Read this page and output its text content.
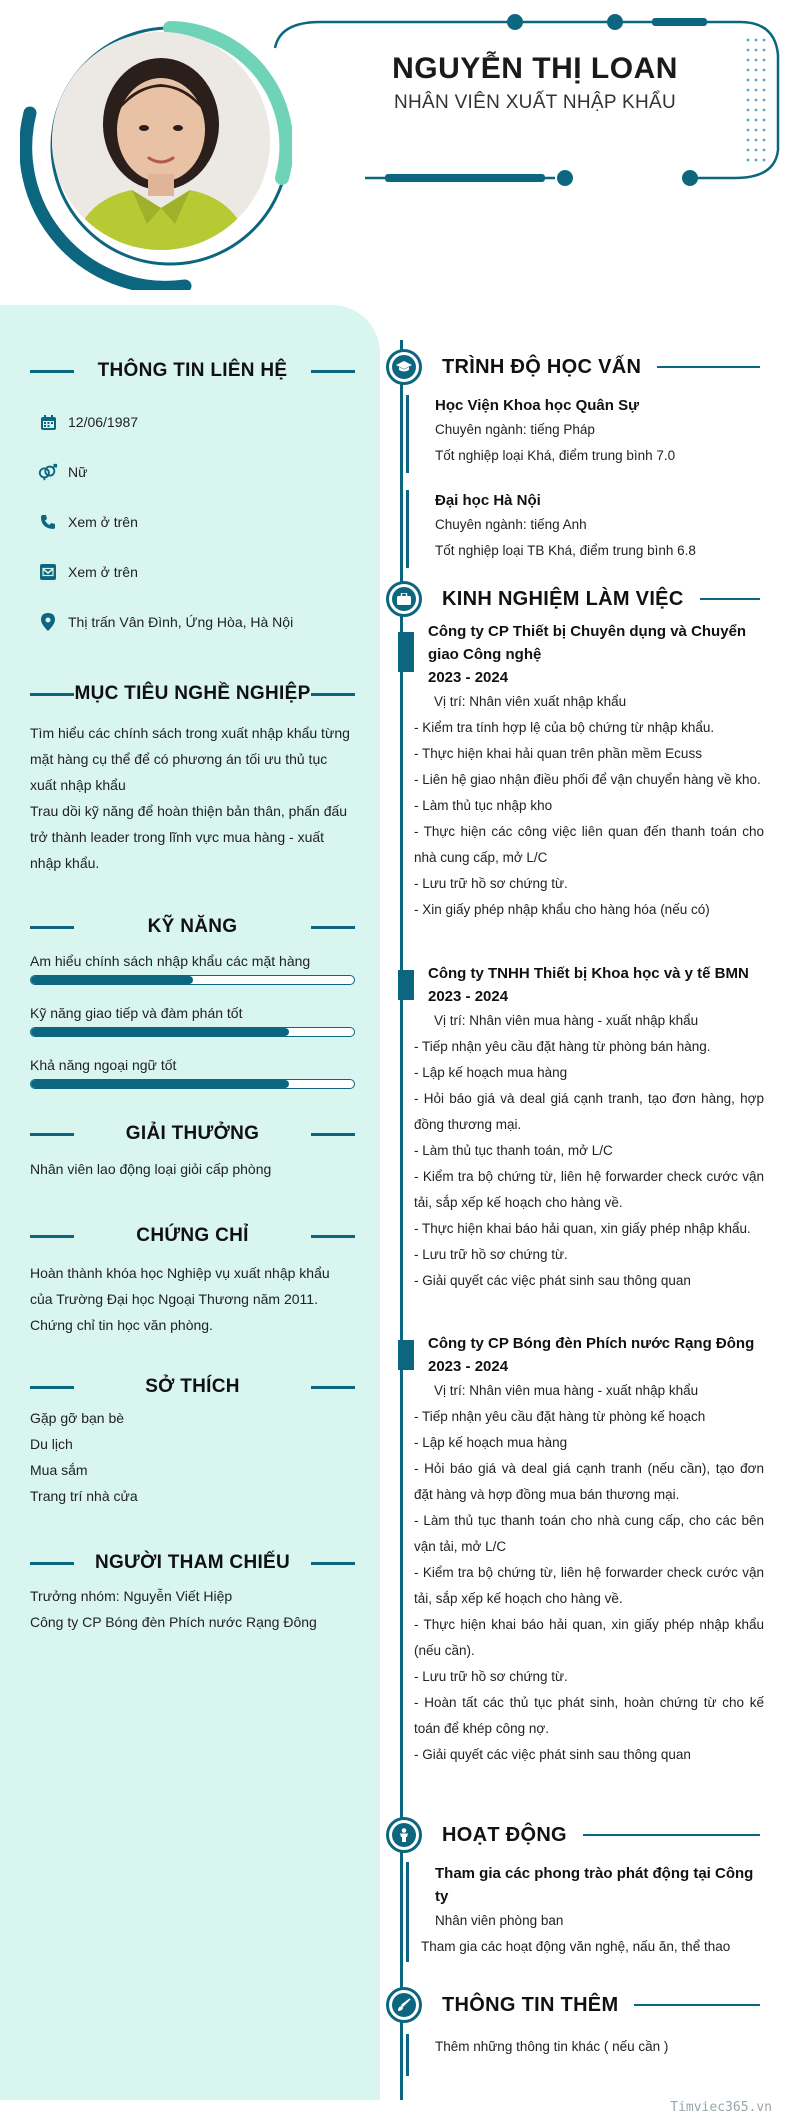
NGUYỄN THỊ LOAN
NHÂN VIÊN XUẤT NHẬP KHẨU
THÔNG TIN LIÊN HỆ
12/06/1987
Nữ
Xem ở trên
Xem ở trên
Thị trấn Vân Đình, Ứng Hòa, Hà Nội
MỤC TIÊU NGHỀ NGHIỆP
Tìm hiểu các chính sách trong xuất nhập khẩu từng mặt hàng cụ thể để có phương án tối ưu thủ tục xuất nhập khẩu
Trau dồi kỹ năng để hoàn thiện bản thân, phấn đấu trở thành leader trong lĩnh vực mua hàng - xuất nhập khẩu.
KỸ NĂNG
Am hiểu chính sách nhập khẩu các mặt hàng
Kỹ năng giao tiếp và đàm phán tốt
Khả năng ngoại ngữ tốt
GIẢI THƯỞNG
Nhân viên lao động loại giỏi cấp phòng
CHỨNG CHỈ
Hoàn thành khóa học Nghiệp vụ xuất nhập khẩu của Trường Đại học Ngoại Thương năm 2011.
Chứng chỉ tin học văn phòng.
SỞ THÍCH
Gặp gỡ bạn bè
Du lịch
Mua sắm
Trang trí nhà cửa
NGƯỜI THAM CHIẾU
Trưởng nhóm: Nguyễn Viết Hiệp
Công ty CP Bóng đèn Phích nước Rạng Đông
TRÌNH ĐỘ HỌC VẤN
Học Viện Khoa học Quân Sự
Chuyên ngành: tiếng Pháp
Tốt nghiệp loại Khá, điểm trung bình 7.0
Đại học Hà Nội
Chuyên ngành: tiếng Anh
Tốt nghiệp loại TB Khá, điểm trung bình 6.8
KINH NGHIỆM LÀM VIỆC
Công ty CP Thiết bị Chuyên dụng và Chuyển giao Công nghệ
2023 - 2024
Vị trí: Nhân viên xuất nhập khẩu
- Kiểm tra tính hợp lệ của bộ chứng từ nhập khẩu.
- Thực hiện khai hải quan trên phần mềm Ecuss
- Liên hệ giao nhận điều phối để vận chuyển hàng về kho.
- Làm thủ tục nhập kho
- Thực hiện các công việc liên quan đến thanh toán cho nhà cung cấp, mở L/C
- Lưu trữ hồ sơ chứng từ.
- Xin giấy phép nhập khẩu cho hàng hóa (nếu có)
Công ty TNHH Thiết bị Khoa học và y tế BMN
2023 - 2024
Vị trí: Nhân viên mua hàng - xuất nhập khẩu
- Tiếp nhận yêu cầu đặt hàng từ phòng bán hàng.
- Lập kế hoạch mua hàng
- Hỏi báo giá và deal giá cạnh tranh, tạo đơn hàng, hợp đồng thương mại.
- Làm thủ tục thanh toán, mở L/C
- Kiểm tra bộ chứng từ, liên hệ forwarder check cước vận tải, sắp xếp kế hoạch cho hàng về.
- Thực hiện khai báo hải quan, xin giấy phép nhập khẩu.
- Lưu trữ hồ sơ chứng từ.
- Giải quyết các việc phát sinh sau thông quan
Công ty CP Bóng đèn Phích nước Rạng Đông
2023 - 2024
Vị trí: Nhân viên mua hàng - xuất nhập khẩu
- Tiếp nhận yêu cầu đặt hàng từ phòng kế hoạch
- Lập kế hoạch mua hàng
- Hỏi báo giá và deal giá cạnh tranh (nếu cần), tạo đơn đặt hàng và hợp đồng mua bán thương mại.
- Làm thủ tục thanh toán cho nhà cung cấp, cho các bên vận tải, mở L/C
- Kiểm tra bộ chứng từ, liên hệ forwarder check cước vận tải, sắp xếp kế hoạch cho hàng về.
- Thực hiện khai báo hải quan, xin giấy phép nhập khẩu (nếu cần).
- Lưu trữ hồ sơ chứng từ.
- Hoàn tất các thủ tục phát sinh, hoàn chứng từ cho kế toán để khép công nợ.
- Giải quyết các việc phát sinh sau thông quan
HOẠT ĐỘNG
Tham gia các phong trào phát động tại Công ty
Nhân viên phòng ban
Tham gia các hoạt động văn nghệ, nấu ăn, thể thao
THÔNG TIN THÊM
Thêm những thông tin khác ( nếu cần )
Timviec365.vn
